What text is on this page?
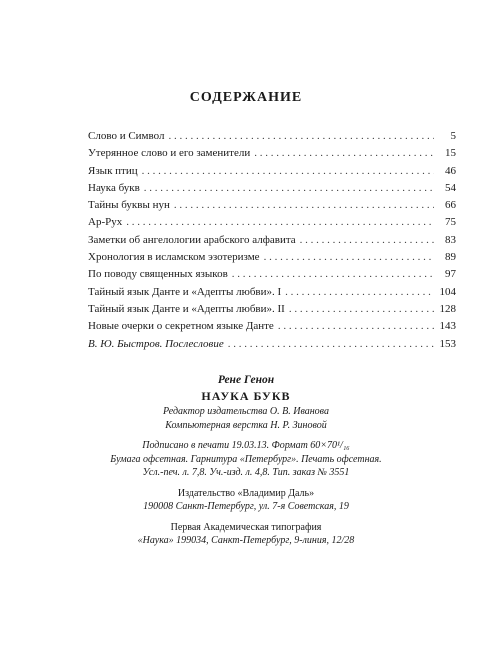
СОДЕРЖАНИЕ
Слово и Символ . . .	5
Утерянное слово и его заменители . . .	15
Язык птиц . . .	46
Наука букв . . .	54
Тайны буквы нун . . .	66
Ар-Рух . . .	75
Заметки об ангелологии арабского алфавита . . .	83
Хронология в исламском эзотеризме . . .	89
По поводу священных языков . . .	97
Тайный язык Данте и «Адепты любви». I . . .	104
Тайный язык Данте и «Адепты любви». II . . .	128
Новые очерки о секретном языке Данте . . .	143
В. Ю. Быстров. Послесловие . . .	153
Рене Генон
НАУКА БУКВ
Редактор издательства О. В. Иванова
Компьютерная верстка Н. Р. Зиновой
Подписано в печати 19.03.13. Формат 60×70¹/₁₆
Бумага офсетная. Гарнитура «Петербург». Печать офсетная.
Усл.-печ. л. 7,8. Уч.-изд. л. 4,8. Тип. заказ № 3551
Издательство «Владимир Даль»
190008 Санкт-Петербург, ул. 7-я Советская, 19
Первая Академическая типография
«Наука» 199034, Санкт-Петербург, 9-линия, 12/28
